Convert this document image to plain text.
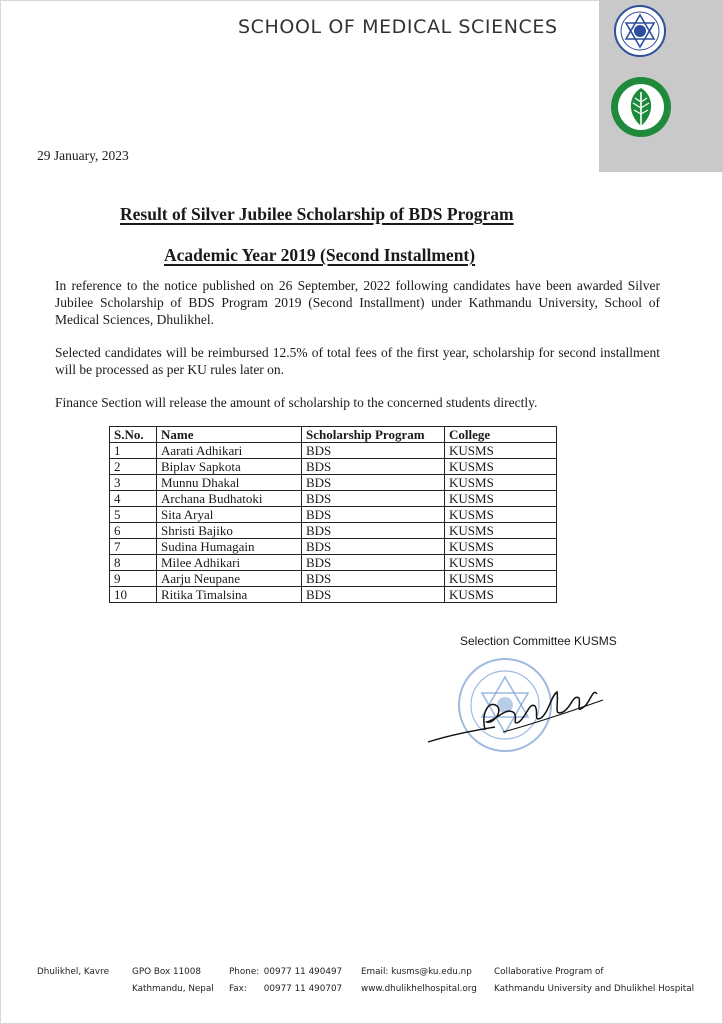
SCHOOL OF MEDICAL SCIENCES
29 January, 2023
Result of Silver Jubilee Scholarship of BDS Program
Academic Year 2019 (Second Installment)
In reference to the notice published on 26 September, 2022 following candidates have been awarded Silver Jubilee Scholarship of BDS Program 2019 (Second Installment) under Kathmandu University, School of Medical Sciences, Dhulikhel.
Selected candidates will be reimbursed 12.5% of total fees of the first year, scholarship for second installment will be processed as per KU rules later on.
Finance Section will release the amount of scholarship to the concerned students directly.
S.No.	Name	Scholarship Program	College
1	Aarati Adhikari	BDS	KUSMS
2	Biplav Sapkota	BDS	KUSMS
3	Munnu Dhakal	BDS	KUSMS
4	Archana Budhatoki	BDS	KUSMS
5	Sita Aryal	BDS	KUSMS
6	Shristi Bajiko	BDS	KUSMS
7	Sudina Humagain	BDS	KUSMS
8	Milee Adhikari	BDS	KUSMS
9	Aarju Neupane	BDS	KUSMS
10	Ritika Timalsina	BDS	KUSMS
Selection Committee KUSMS
Dhulikhel, Kavre	GPO Box 11008
Kathmandu, Nepal
Phone: 00977 11 490497
Fax: 00977 11 490707
Email: kusms@ku.edu.np
www.dhulikhelhospital.org
Collaborative Program of
Kathmandu University and Dhulikhel Hospital
